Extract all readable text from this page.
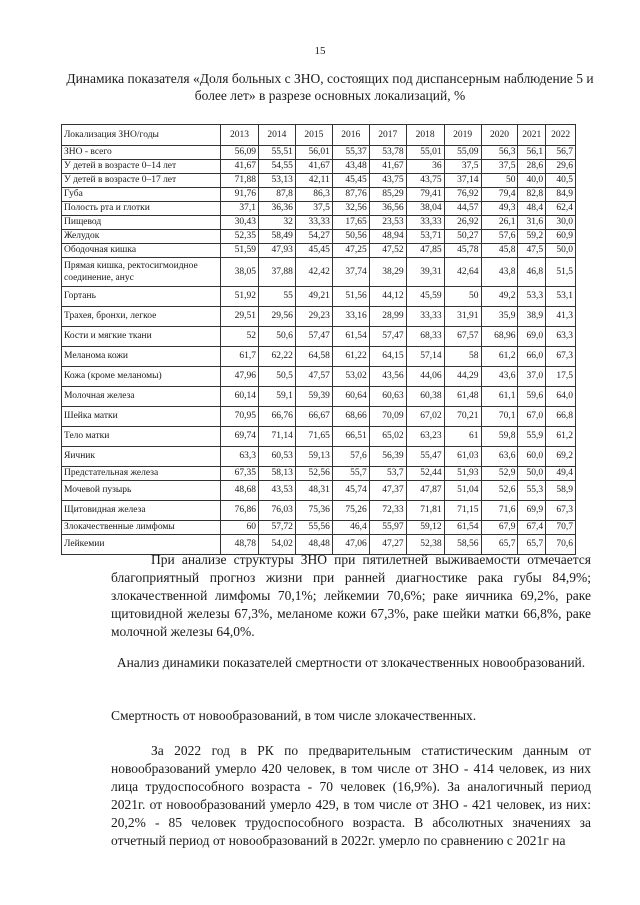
15
Динамика показателя «Доля больных с ЗНО, состоящих под диспансерным наблюдение 5 и более лет» в разрезе основных локализаций, %
Локализация ЗНО/годы	2013	2014	2015	2016	2017	2018	2019	2020	2021	2022
ЗНО - всего	56,09	55,51	56,01	55,37	53,78	55,01	55,09	56,3	56,1	56,7
У детей в возрасте 0–14 лет	41,67	54,55	41,67	43,48	41,67	36	37,5	37,5	28,6	29,6
У детей в возрасте 0–17 лет	71,88	53,13	42,11	45,45	43,75	43,75	37,14	50	40,0	40,5
Губа	91,76	87,8	86,3	87,76	85,29	79,41	76,92	79,4	82,8	84,9
Полость рта и глотки	37,1	36,36	37,5	32,56	36,56	38,04	44,57	49,3	48,4	62,4
Пищевод	30,43	32	33,33	17,65	23,53	33,33	26,92	26,1	31,6	30,0
Желудок	52,35	58,49	54,27	50,56	48,94	53,71	50,27	57,6	59,2	60,9
Ободочная кишка	51,59	47,93	45,45	47,25	47,52	47,85	45,78	45,8	47,5	50,0
Прямая кишка, ректосигмоидное соединение, анус	38,05	37,88	42,42	37,74	38,29	39,31	42,64	43,8	46,8	51,5
Гортань	51,92	55	49,21	51,56	44,12	45,59	50	49,2	53,3	53,1
Трахея, бронхи, легкое	29,51	29,56	29,23	33,16	28,99	33,33	31,91	35,9	38,9	41,3
Кости и мягкие ткани	52	50,6	57,47	61,54	57,47	68,33	67,57	68,96	69,0	63,3
Меланома кожи	61,7	62,22	64,58	61,22	64,15	57,14	58	61,2	66,0	67,3
Кожа (кроме меланомы)	47,96	50,5	47,57	53,02	43,56	44,06	44,29	43,6	37,0	17,5
Молочная железа	60,14	59,1	59,39	60,64	60,63	60,38	61,48	61,1	59,6	64,0
Шейка матки	70,95	66,76	66,67	68,66	70,09	67,02	70,21	70,1	67,0	66,8
Тело матки	69,74	71,14	71,65	66,51	65,02	63,23	61	59,8	55,9	61,2
Яичник	63,3	60,53	59,13	57,6	56,39	55,47	61,03	63,6	60,0	69,2
Предстательная железа	67,35	58,13	52,56	55,7	53,7	52,44	51,93	52,9	50,0	49,4
Мочевой пузырь	48,68	43,53	48,31	45,74	47,37	47,87	51,04	52,6	55,3	58,9
Щитовидная железа	76,86	76,03	75,36	75,26	72,33	71,81	71,15	71,6	69,9	67,3
Злокачественные лимфомы	60	57,72	55,56	46,4	55,97	59,12	61,54	67,9	67,4	70,7
Лейкемии	48,78	54,02	48,48	47,06	47,27	52,38	58,56	65,7	65,7	70,6
При анализе структуры ЗНО при пятилетней выживаемости отмечается благоприятный прогноз жизни при ранней диагностике рака губы 84,9%; злокачественной лимфомы 70,1%; лейкемии 70,6%; раке яичника 69,2%, раке щитовидной железы 67,3%, меланоме кожи 67,3%, раке шейки матки 66,8%, раке молочной железы 64,0%.
Анализ динамики показателей смертности от злокачественных новообразований.
Смертность от новообразований, в том числе злокачественных.
За 2022 год в РК по предварительным статистическим данным от новообразований умерло 420 человек, в том числе от ЗНО - 414 человек, из них лица трудоспособного возраста - 70 человек (16,9%). За аналогичный период 2021г. от новообразований умерло 429, в том числе от ЗНО - 421 человек, из них: 20,2% - 85 человек трудоспособного возраста. В абсолютных значениях за отчетный период от новообразований в 2022г. умерло по сравнению с 2021г на
